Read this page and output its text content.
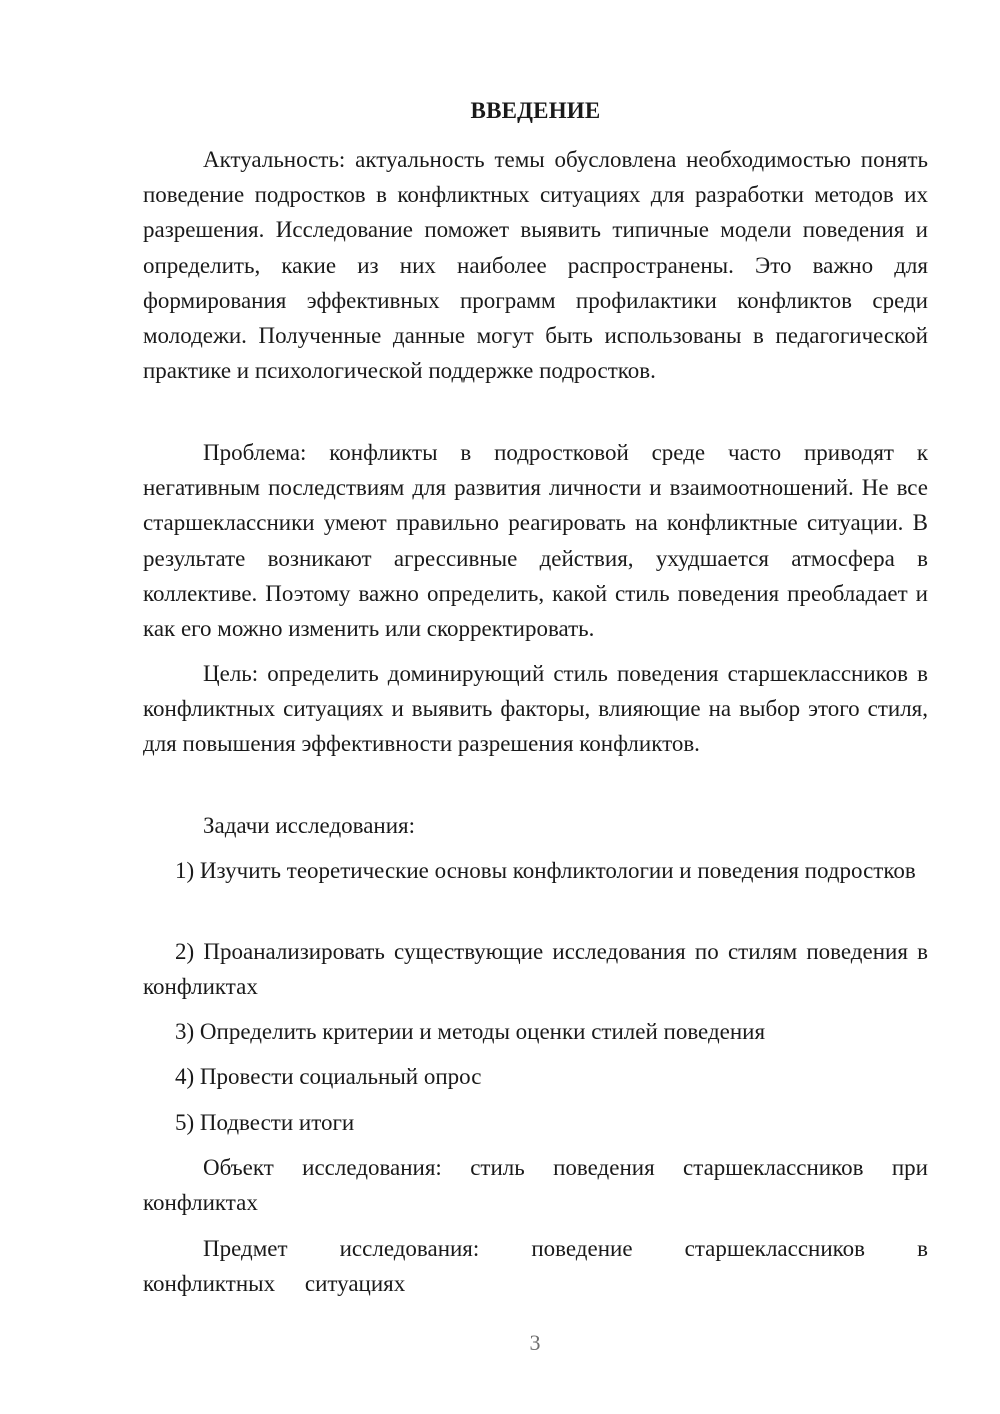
ВВЕДЕНИЕ

Актуальность: актуальность темы обусловлена необходимостью понять поведение подростков в конфликтных ситуациях для разработки методов их разрешения. Исследование поможет выявить типичные модели поведения и определить, какие из них наиболее распространены. Это важно для формирования эффективных программ профилактики конфликтов среди молодежи. Полученные данные могут быть использованы в педагогической практике и психологической поддержке подростков.

Проблема: конфликты в подростковой среде часто приводят к негативным последствиям для развития личности и взаимоотношений. Не все старшеклассники умеют правильно реагировать на конфликтные ситуации. В результате возникают агрессивные действия, ухудшается атмосфера в коллективе. Поэтому важно определить, какой стиль поведения преобладает и как его можно изменить или скорректировать.

Цель: определить доминирующий стиль поведения старшеклассников в конфликтных ситуациях и выявить факторы, влияющие на выбор этого стиля, для повышения эффективности разрешения конфликтов.

Задачи исследования:

1) Изучить теоретические основы конфликтологии и поведения подростков

2) Проанализировать существующие исследования по стилям поведения в конфликтах

3) Определить критерии и методы оценки стилей поведения
4) Провести социальный опрос
5) Подвести итоги

Объект исследования: стиль поведения старшеклассников при конфликтах

Предмет исследования: поведение старшеклассников в конфликтных ситуациях

3
